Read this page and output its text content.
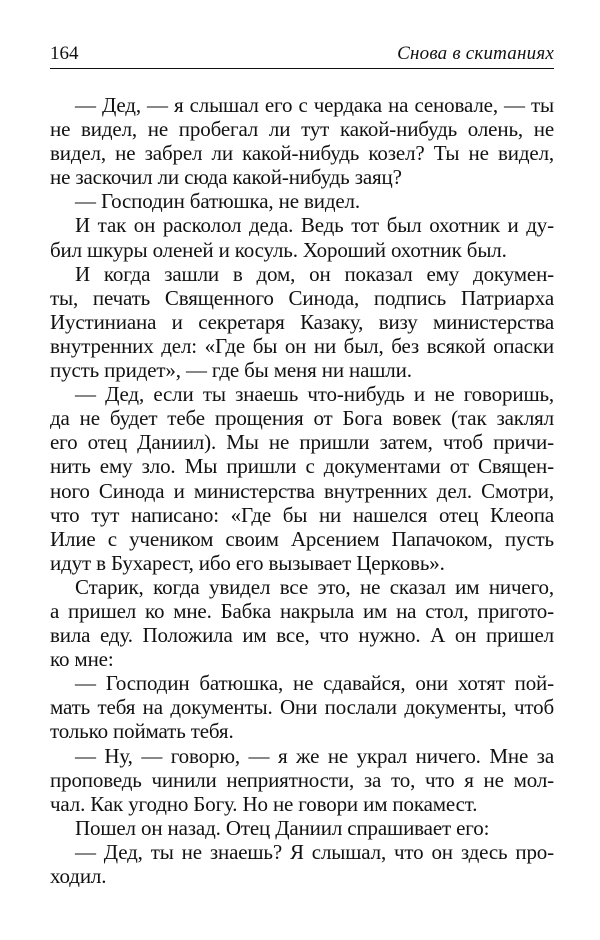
164	Снова в скитаниях
— Дед, — я слышал его с чердака на сеновале, — ты
не видел, не пробегал ли тут какой-нибудь олень, не
видел, не забрел ли какой-нибудь козел? Ты не видел,
не заскочил ли сюда какой-нибудь заяц?
— Господин батюшка, не видел.
И так он расколол деда. Ведь тот был охотник и ду-
бил шкуры оленей и косуль. Хороший охотник был.
И когда зашли в дом, он показал ему докумен-
ты, печать Священного Синода, подпись Патриарха
Иустиниана и секретаря Казаку, визу министерства
внутренних дел: «Где бы он ни был, без всякой опаски
пусть придет», — где бы меня ни нашли.
— Дед, если ты знаешь что-нибудь и не говоришь,
да не будет тебе прощения от Бога вовек (так заклял
его отец Даниил). Мы не пришли затем, чтоб причи-
нить ему зло. Мы пришли с документами от Священ-
ного Синода и министерства внутренних дел. Смотри,
что тут написано: «Где бы ни нашелся отец Клеопа
Илие с учеником своим Арсением Папачоком, пусть
идут в Бухарест, ибо его вызывает Церковь».
Старик, когда увидел все это, не сказал им ничего,
а пришел ко мне. Бабка накрыла им на стол, пригото-
вила еду. Положила им все, что нужно. А он пришел
ко мне:
— Господин батюшка, не сдавайся, они хотят пой-
мать тебя на документы. Они послали документы, чтоб
только поймать тебя.
— Ну, — говорю, — я же не украл ничего. Мне за
проповедь чинили неприятности, за то, что я не мол-
чал. Как угодно Богу. Но не говори им покамест.
Пошел он назад. Отец Даниил спрашивает его:
— Дед, ты не знаешь? Я слышал, что он здесь про-
ходил.
